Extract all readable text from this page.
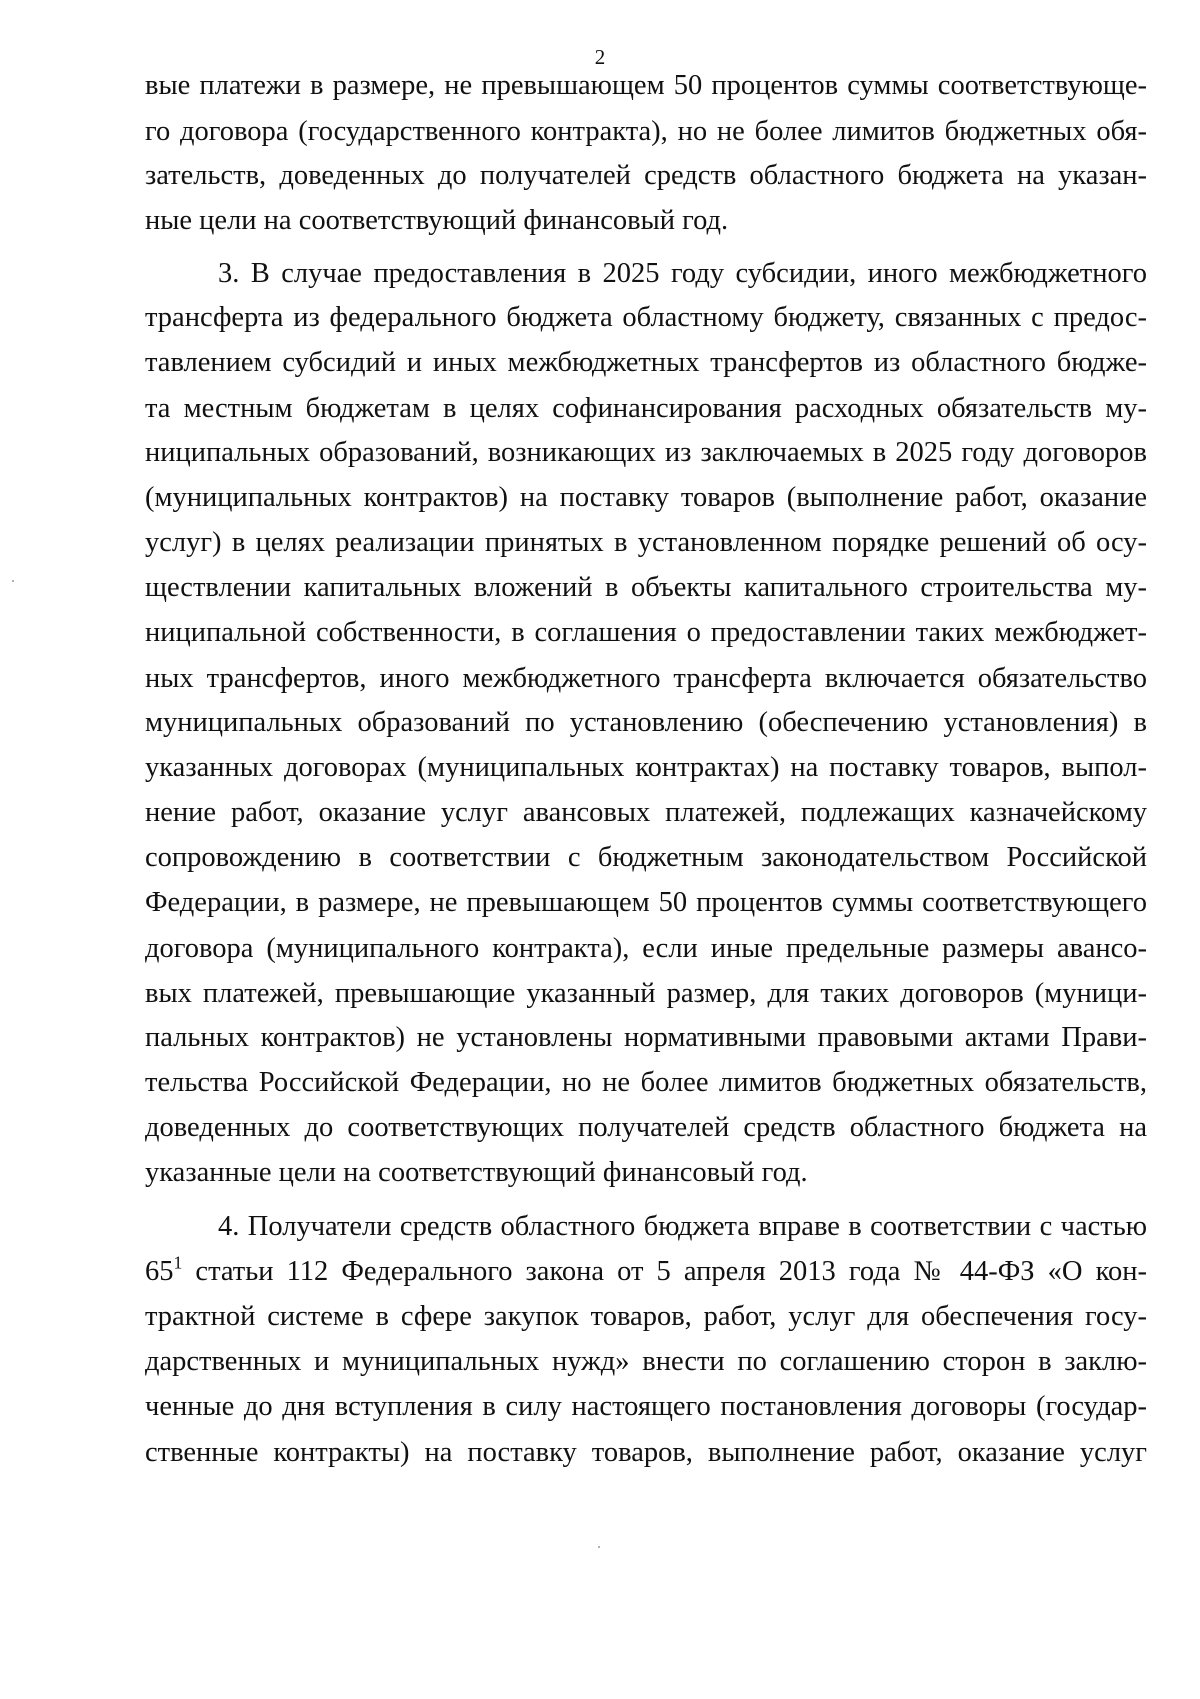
2
вые платежи в размере, не превышающем 50 процентов суммы соответствующе-
го договора (государственного контракта), но не более лимитов бюджетных обя-
зательств, доведенных до получателей средств областного бюджета на указан-
ные цели на соответствующий финансовый год.
3. В случае предоставления в 2025 году субсидии, иного межбюджетного
трансферта из федерального бюджета областному бюджету, связанных с предос-
тавлением субсидий и иных межбюджетных трансфертов из областного бюдже-
та местным бюджетам в целях софинансирования расходных обязательств му-
ниципальных образований, возникающих из заключаемых в 2025 году договоров
(муниципальных контрактов) на поставку товаров (выполнение работ, оказание
услуг) в целях реализации принятых в установленном порядке решений об осу-
ществлении капитальных вложений в объекты капитального строительства му-
ниципальной собственности, в соглашения о предоставлении таких межбюджет-
ных трансфертов, иного межбюджетного трансферта включается обязательство
муниципальных образований по установлению (обеспечению установления) в
указанных договорах (муниципальных контрактах) на поставку товаров, выпол-
нение работ, оказание услуг авансовых платежей, подлежащих казначейскому
сопровождению в соответствии с бюджетным законодательством Российской
Федерации, в размере, не превышающем 50 процентов суммы соответствующего
договора (муниципального контракта), если иные предельные размеры авансо-
вых платежей, превышающие указанный размер, для таких договоров (муници-
пальных контрактов) не установлены нормативными правовыми актами Прави-
тельства Российской Федерации, но не более лимитов бюджетных обязательств,
доведенных до соответствующих получателей средств областного бюджета на
указанные цели на соответствующий финансовый год.
4. Получатели средств областного бюджета вправе в соответствии с частью
$65^1$ статьи 112 Федерального закона от 5 апреля 2013 года № 44-ФЗ «О кон-
трактной системе в сфере закупок товаров, работ, услуг для обеспечения госу-
дарственных и муниципальных нужд» внести по соглашению сторон в заклю-
ченные до дня вступления в силу настоящего постановления договоры (государ-
ственные контракты) на поставку товаров, выполнение работ, оказание услуг
